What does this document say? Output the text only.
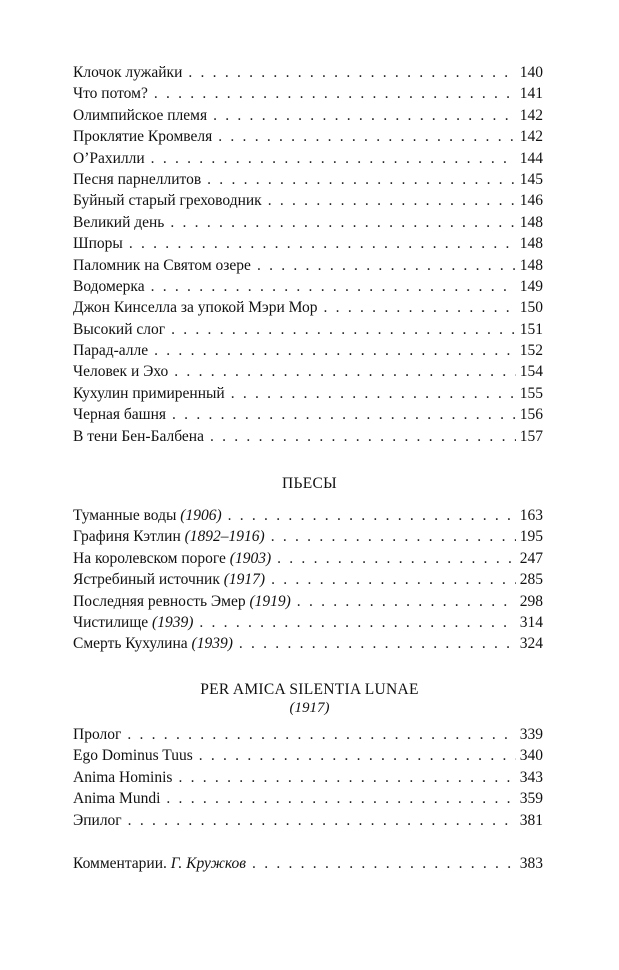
Клочок лужайки . . .	140
Что потом? . . .	141
Олимпийское племя . . .	142
Проклятие Кромвеля . . .	142
О’Рахилли . . .	144
Песня парнеллитов . . .	145
Буйный старый греховодник . . .	146
Великий день . . .	148
Шпоры . . .	148
Паломник на Святом озере . . .	148
Водомерка . . .	149
Джон Кинселла за упокой Мэри Мор . . .	150
Высокий слог . . .	151
Парад-алле . . .	152
Человек и Эхо . . .	154
Кухулин примиренный . . .	155
Черная башня . . .	156
В тени Бен-Балбена . . .	157
ПЬЕСЫ
Туманные воды (1906) . . .	163
Графиня Кэтлин (1892–1916) . . .	195
На королевском пороге (1903) . . .	247
Ястребиный источник (1917) . . .	285
Последняя ревность Эмер (1919) . . .	298
Чистилище (1939) . . .	314
Смерть Кухулина (1939) . . .	324
PER AMICA SILENTIA LUNAE
(1917)
Пролог . . .	339
Ego Dominus Tuus . . .	340
Anima Hominis . . .	343
Anima Mundi . . .	359
Эпилог . . .	381
Комментарии. Г. Кружков . . .	383
